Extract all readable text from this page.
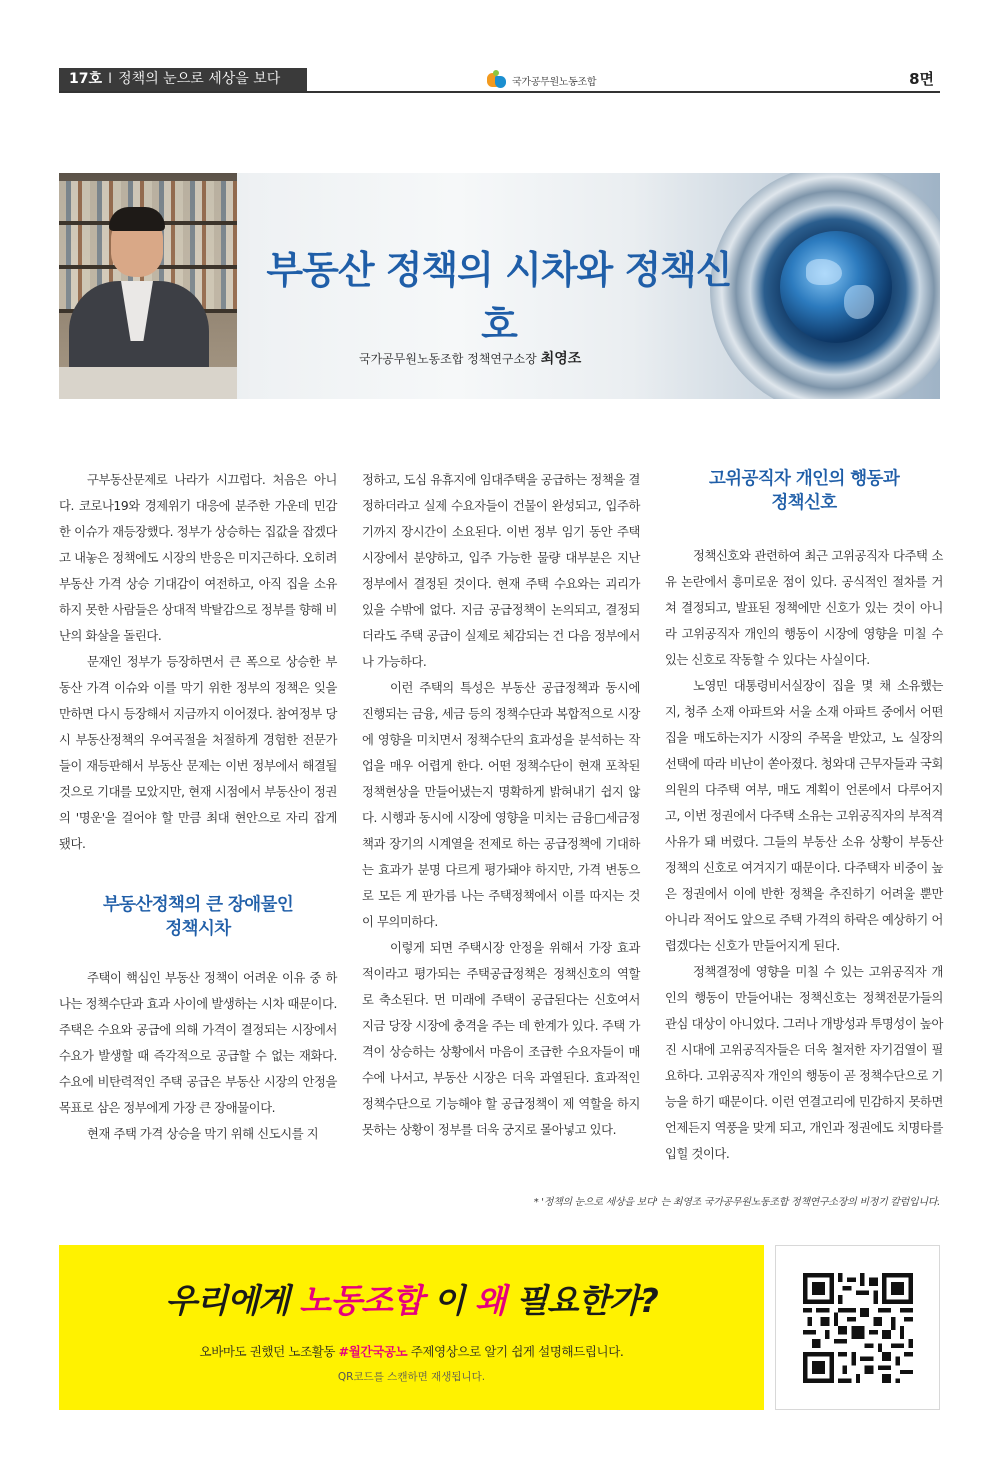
17호 I 정책의 눈으로 세상을 보다	국가공무원노동조합	8면
부동산 정책의 시차와 정책신호
국가공무원노동조합 정책연구소장 최영조

구부동산문제로 나라가 시끄럽다. 처음은 아니다. 코로나19와 경제위기 대응에 분주한 가운데 민감한 이슈가 재등장했다. 정부가 상승하는 집값을 잡겠다고 내놓은 정책에도 시장의 반응은 미지근하다. 오히려 부동산 가격 상승 기대감이 여전하고, 아직 집을 소유하지 못한 사람들은 상대적 박탈감으로 정부를 향해 비난의 화살을 돌린다.

문재인 정부가 등장하면서 큰 폭으로 상승한 부동산 가격 이슈와 이를 막기 위한 정부의 정책은 잊을만하면 다시 등장해서 지금까지 이어졌다. 참여정부 당시 부동산정책의 우여곡절을 처절하게 경험한 전문가들이 재등판해서 부동산 문제는 이번 정부에서 해결될 것으로 기대를 모았지만, 현재 시점에서 부동산이 정권의 '명운'을 걸어야 할 만큼 최대 현안으로 자리 잡게 됐다.

부동산정책의 큰 장애물인
정책시차

주택이 핵심인 부동산 정책이 어려운 이유 중 하나는 정책수단과 효과 사이에 발생하는 시차 때문이다. 주택은 수요와 공급에 의해 가격이 결정되는 시장에서 수요가 발생할 때 즉각적으로 공급할 수 없는 재화다. 수요에 비탄력적인 주택 공급은 부동산 시장의 안정을 목표로 삼은 정부에게 가장 큰 장애물이다.

현재 주택 가격 상승을 막기 위해 신도시를 지

정하고, 도심 유휴지에 임대주택을 공급하는 정책을 결정하더라고 실제 수요자들이 건물이 완성되고, 입주하기까지 장시간이 소요된다. 이번 정부 임기 동안 주택시장에서 분양하고, 입주 가능한 물량 대부분은 지난 정부에서 결정된 것이다. 현재 주택 수요와는 괴리가 있을 수밖에 없다. 지금 공급정책이 논의되고, 결정되더라도 주택 공급이 실제로 체감되는 건 다음 정부에서나 가능하다.

이런 주택의 특성은 부동산 공급정책과 동시에 진행되는 금융, 세금 등의 정책수단과 복합적으로 시장에 영향을 미치면서 정책수단의 효과성을 분석하는 작업을 매우 어렵게 한다. 어떤 정책수단이 현재 포착된 정책현상을 만들어냈는지 명확하게 밝혀내기 쉽지 않다. 시행과 동시에 시장에 영향을 미치는 금융□세금정책과 장기의 시계열을 전제로 하는 공급정책에 기대하는 효과가 분명 다르게 평가돼야 하지만, 가격 변동으로 모든 게 판가름 나는 주택정책에서 이를 따지는 것이 무의미하다.

이렇게 되면 주택시장 안정을 위해서 가장 효과적이라고 평가되는 주택공급정책은 정책신호의 역할로 축소된다. 먼 미래에 주택이 공급된다는 신호여서 지금 당장 시장에 충격을 주는 데 한계가 있다. 주택 가격이 상승하는 상황에서 마음이 조급한 수요자들이 매수에 나서고, 부동산 시장은 더욱 과열된다. 효과적인 정책수단으로 기능해야 할 공급정책이 제 역할을 하지 못하는 상황이 정부를 더욱 궁지로 몰아넣고 있다.

고위공직자 개인의 행동과
정책신호

정책신호와 관련하여 최근 고위공직자 다주택 소유 논란에서 흥미로운 점이 있다. 공식적인 절차를 거쳐 결정되고, 발표된 정책에만 신호가 있는 것이 아니라 고위공직자 개인의 행동이 시장에 영향을 미칠 수 있는 신호로 작동할 수 있다는 사실이다.

노영민 대통령비서실장이 집을 몇 채 소유했는지, 청주 소재 아파트와 서울 소재 아파트 중에서 어떤 집을 매도하는지가 시장의 주목을 받았고, 노 실장의 선택에 따라 비난이 쏟아졌다. 청와대 근무자들과 국회의원의 다주택 여부, 매도 계획이 언론에서 다루어지고, 이번 정권에서 다주택 소유는 고위공직자의 부적격 사유가 돼 버렸다. 그들의 부동산 소유 상황이 부동산 정책의 신호로 여겨지기 때문이다. 다주택자 비중이 높은 정권에서 이에 반한 정책을 추진하기 어려울 뿐만 아니라 적어도 앞으로 주택 가격의 하락은 예상하기 어렵겠다는 신호가 만들어지게 된다.

정책결정에 영향을 미칠 수 있는 고위공직자 개인의 행동이 만들어내는 정책신호는 정책전문가들의 관심 대상이 아니었다. 그러나 개방성과 투명성이 높아진 시대에 고위공직자들은 더욱 철저한 자기검열이 필요하다. 고위공직자 개인의 행동이 곧 정책수단으로 기능을 하기 때문이다. 이런 연결고리에 민감하지 못하면 언제든지 역풍을 맞게 되고, 개인과 정권에도 치명타를 입힐 것이다.

* '정책의 눈으로 세상을 보다' 는 최영조 국가공무원노동조합 정책연구소장의 비정기 칼럼입니다.
우리에게 노동조합 이 왜 필요한가?
오바마도 권했던 노조활동 #월간국공노 주제영상으로 알기 쉽게 설명해드립니다.
QR코드를 스캔하면 재생됩니다.
